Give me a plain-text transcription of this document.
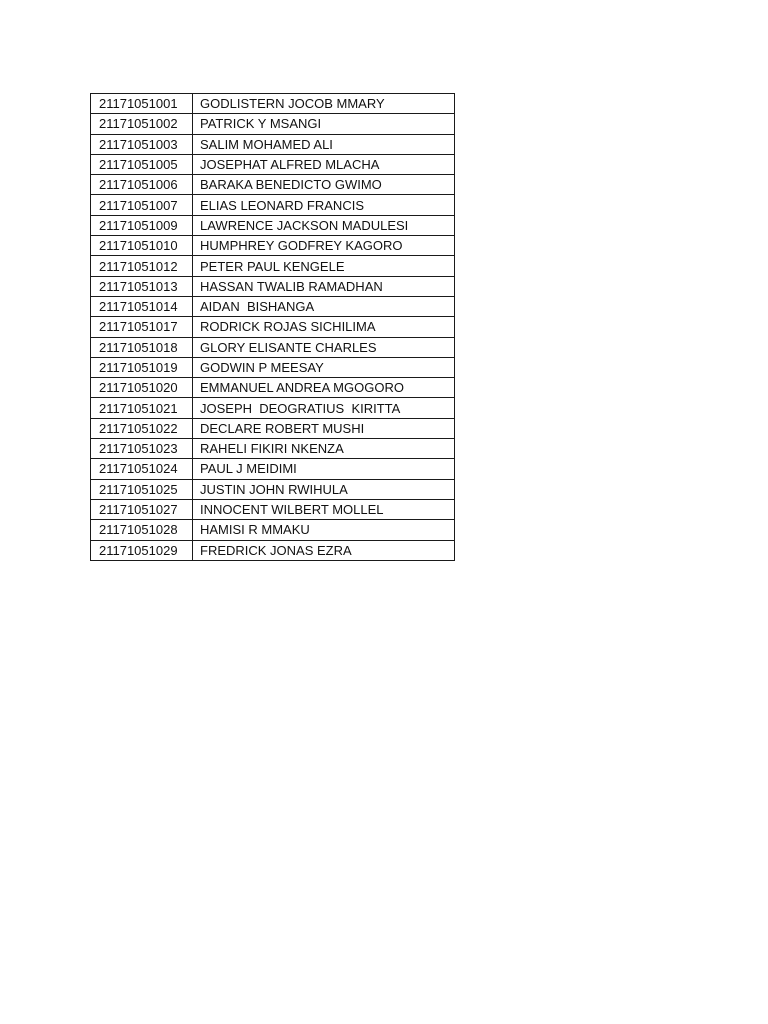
21171051001	GODLISTERN JOCOB MMARY
21171051002	PATRICK Y MSANGI
21171051003	SALIM MOHAMED ALI
21171051005	JOSEPHAT ALFRED MLACHA
21171051006	BARAKA BENEDICTO GWIMO
21171051007	ELIAS LEONARD FRANCIS
21171051009	LAWRENCE JACKSON MADULESI
21171051010	HUMPHREY GODFREY KAGORO
21171051012	PETER PAUL KENGELE
21171051013	HASSAN TWALIB RAMADHAN
21171051014	AIDAN  BISHANGA
21171051017	RODRICK ROJAS SICHILIMA
21171051018	GLORY ELISANTE CHARLES
21171051019	GODWIN P MEESAY
21171051020	EMMANUEL ANDREA MGOGORO
21171051021	JOSEPH  DEOGRATIUS  KIRITTA
21171051022	DECLARE ROBERT MUSHI
21171051023	RAHELI FIKIRI NKENZA
21171051024	PAUL J MEIDIMI
21171051025	JUSTIN JOHN RWIHULA
21171051027	INNOCENT WILBERT MOLLEL
21171051028	HAMISI R MMAKU
21171051029	FREDRICK JONAS EZRA
